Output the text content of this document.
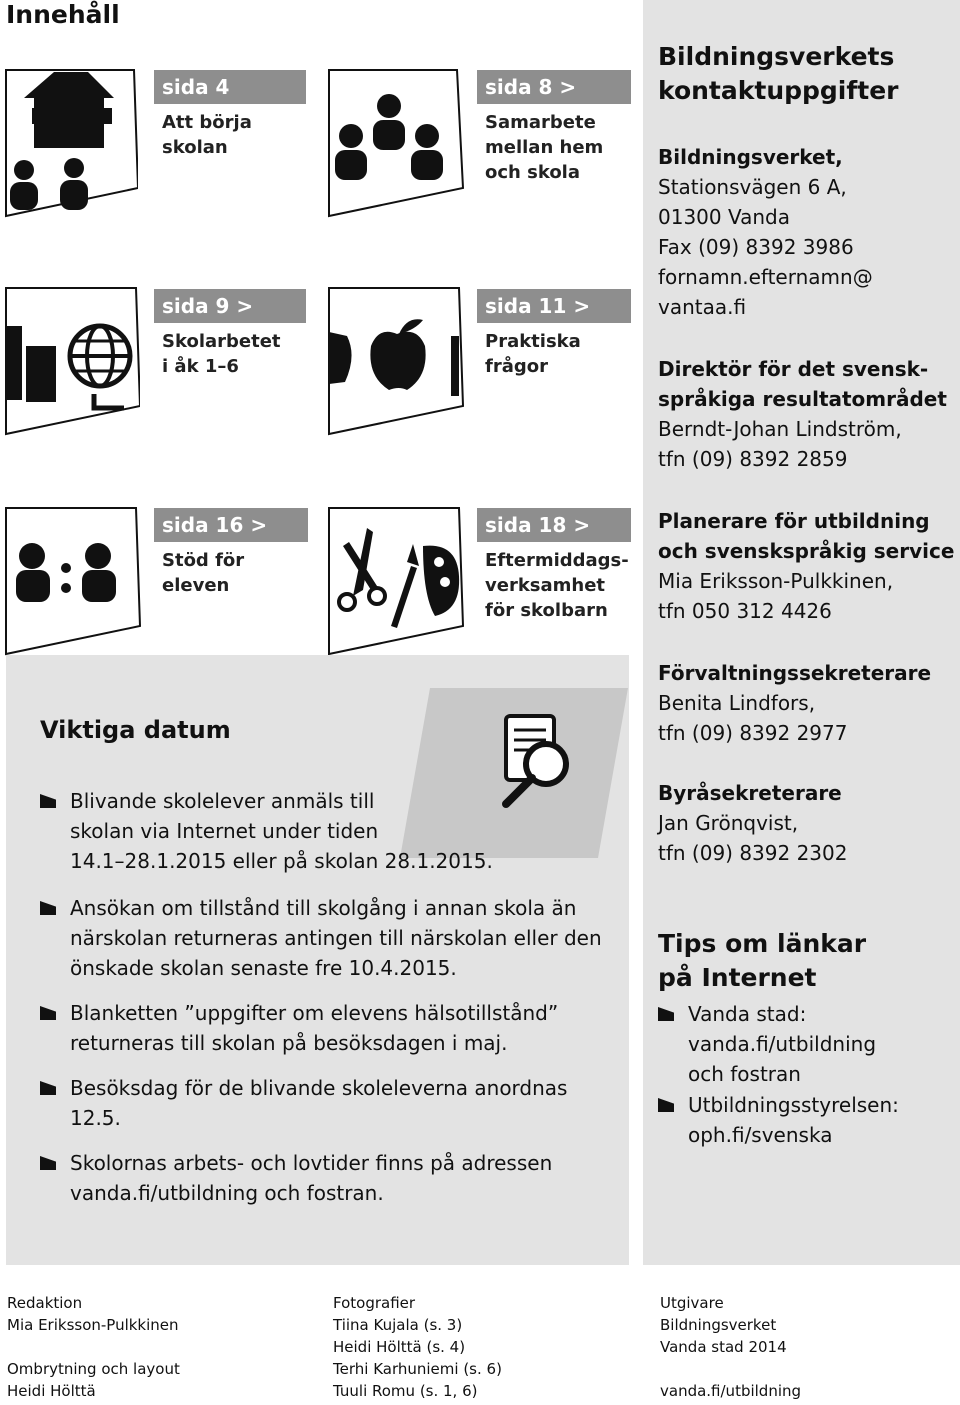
Innehåll
sida 4
Att börja skolan
sida 8 >
Samarbete
mellan hem
och skola
sida 9 >
Skolarbetet
i åk 1–6
sida 11 >
Praktiska
frågor
sida 16 >
Stöd för
eleven
sida 18 >
Eftermiddags-
verksamhet
för skolbarn
Viktiga datum
Blivande skolelever anmäls till
skolan via Internet under tiden
14.1–28.1.2015 eller på skolan 28.1.2015.
Ansökan om tillstånd till skolgång i annan skola än
närskolan returneras antingen till närskolan eller den
önskade skolan senaste fre 10.4.2015.
Blanketten ”uppgifter om elevens hälsotillstånd”
returneras till skolan på besöksdagen i maj.
Besöksdag för de blivande skoleleverna anordnas
12.5.
Skolornas arbets- och lovtider finns på adressen
vanda.fi/utbildning och fostran.
Bildningsverkets
kontaktuppgifter
Bildningsverket,
Stationsvägen 6 A,
01300 Vanda
Fax (09) 8392 3986
fornamn.efternamn@
vantaa.fi
Direktör för det svensk-
språkiga resultatområdet
Berndt-Johan Lindström,
tfn (09) 8392 2859
Planerare för utbildning
och svenskspråkig service
Mia Eriksson-Pulkkinen,
tfn 050 312 4426
Förvaltningssekreterare
Benita Lindfors,
tfn (09) 8392 2977
Byråsekreterare
Jan Grönqvist,
tfn (09) 8392 2302
Tips om länkar
på Internet
Vanda stad:
vanda.fi/utbildning
och fostran
Utbildningsstyrelsen:
oph.fi/svenska
Redaktion
Mia Eriksson-Pulkkinen
Ombrytning och layout
Heidi Hölttä
Fotografier
Tiina Kujala (s. 3)
Heidi Hölttä (s. 4)
Terhi Karhuniemi (s. 6)
Tuuli Romu (s. 1, 6)
Utgivare
Bildningsverket
Vanda stad 2014
vanda.fi/utbildning
